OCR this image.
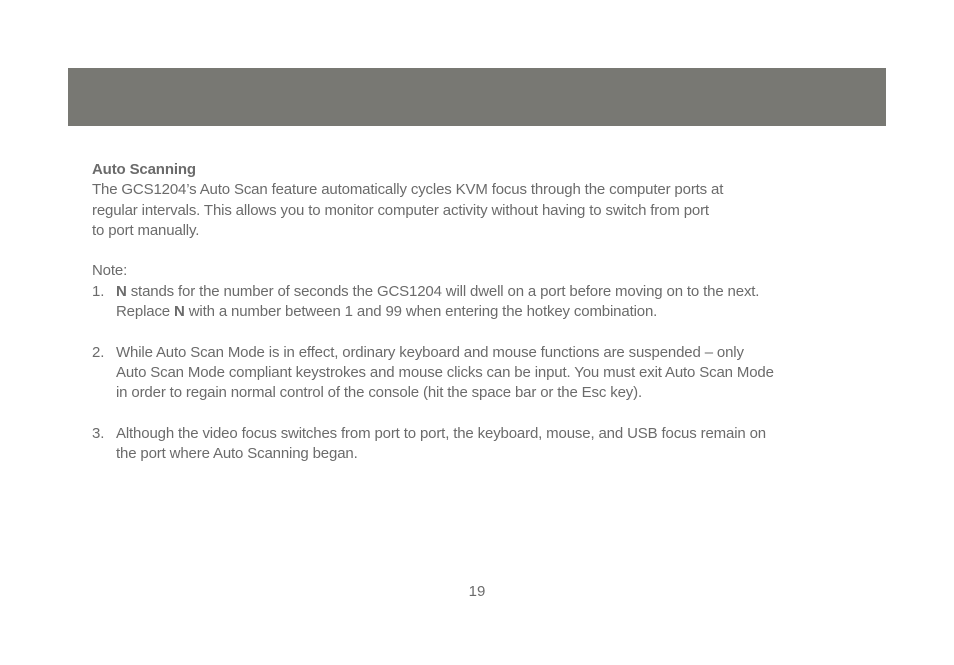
Auto Scanning
The GCS1204’s Auto Scan feature automatically cycles KVM focus through the computer ports at
regular intervals. This allows you to monitor computer activity without having to switch from port
to port manually.
Note:
1. N stands for the number of seconds the GCS1204 will dwell on a port before moving on to the next.
Replace N with a number between 1 and 99 when entering the hotkey combination.
2. While Auto Scan Mode is in effect, ordinary keyboard and mouse functions are suspended – only
Auto Scan Mode compliant keystrokes and mouse clicks can be input. You must exit Auto Scan Mode
in order to regain normal control of the console (hit the space bar or the Esc key).
3. Although the video focus switches from port to port, the keyboard, mouse, and USB focus remain on
the port where Auto Scanning began.
19
